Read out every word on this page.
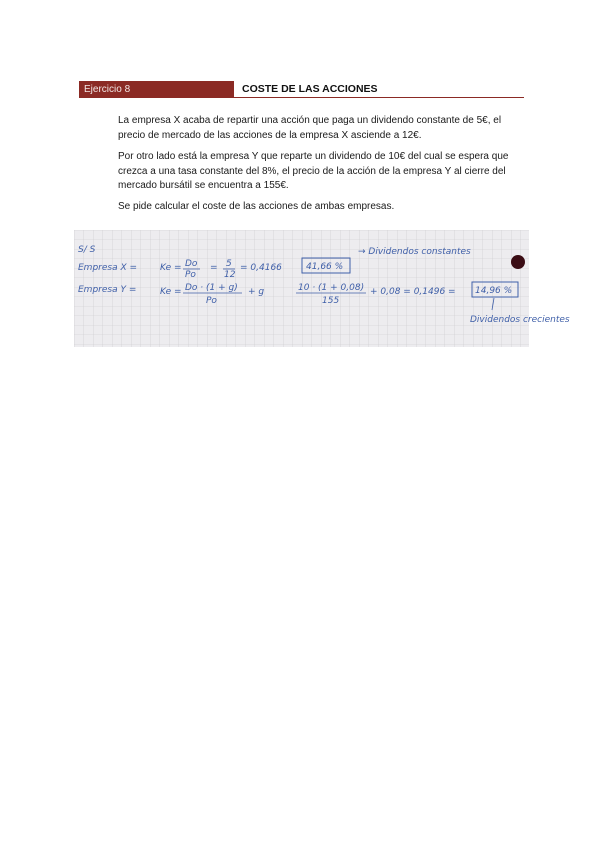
Ejercicio 8	COSTE DE LAS ACCIONES

La empresa X acaba de repartir una acción que paga un dividendo constante de 5€, el precio de mercado de las acciones de la empresa X asciende a 12€.

Por otro lado está la empresa Y que reparte un dividendo de 10€ del cual se espera que crezca a una tasa constante del 8%, el precio de la acción de la empresa Y al cierre del mercado bursátil se encuentra a 155€.

Se pide calcular el coste de las acciones de ambas empresas.

S/ S
Empresa X =	Ke = Do
Po
= 5
12
= 0,4166	41,66 %
→ Dividendos constantes
Empresa Y =	Ke = Do · (1 + g)
Po
+ g	10 · (1 + 0,08)
155
+ 0,08 = 0,1496 = 14,96 %
Dividendos crecientes
